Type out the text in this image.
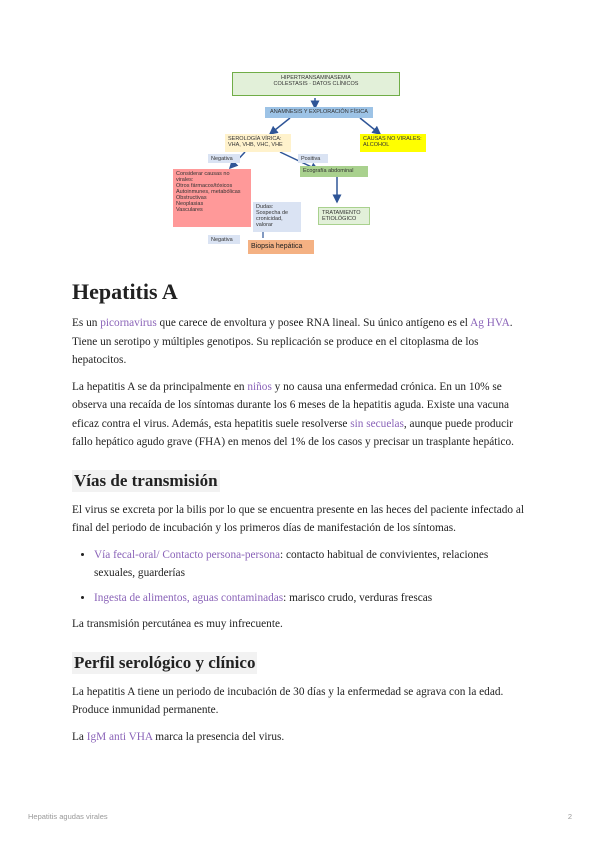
HIPERTRANSAMINASEMIA
COLESTASIS · DATOS CLÍNICOS
ANAMNESIS Y EXPLORACIÓN FÍSICA
SEROLOGÍA VÍRICA:
VHA, VHB, VHC, VHE
CAUSAS NO VIRALES:
ALCOHOL
Negativa	Positiva
Considerar causas no virales:
Otros fármacos/tóxicos
Autoinmunes, metabólicas
Obstructivas
Neoplasias
Vasculares
Ecografía abdominal
Dudas:
Sospecha de
cronicidad,
valorar
TRATAMIENTO
ETIOLÓGICO
Negativa
Biopsia hepática
Hepatitis A

Es un picornavirus que carece de envoltura y posee RNA lineal. Su único antígeno es el Ag HVA. Tiene un serotipo y múltiples genotipos. Su replicación se produce en el citoplasma de los hepatocitos.

La hepatitis A se da principalmente en niños y no causa una enfermedad crónica. En un 10% se observa una recaída de los síntomas durante los 6 meses de la hepatitis aguda. Existe una vacuna eficaz contra el virus. Además, esta hepatitis suele resolverse sin secuelas, aunque puede producir fallo hepático agudo grave (FHA) en menos del 1% de los casos y precisar un trasplante hepático.

Vías de transmisión

El virus se excreta por la bilis por lo que se encuentra presente en las heces del paciente infectado al final del periodo de incubación y los primeros días de manifestación de los síntomas.

• Vía fecal-oral/ Contacto persona-persona: contacto habitual de convivientes, relaciones sexuales, guarderías
• Ingesta de alimentos, aguas contaminadas: marisco crudo, verduras frescas

La transmisión percutánea es muy infrecuente.

Perfil serológico y clínico

La hepatitis A tiene un periodo de incubación de 30 días y la enfermedad se agrava con la edad. Produce inmunidad permanente.

La IgM anti VHA marca la presencia del virus.

Hepatitis agudas virales	2
